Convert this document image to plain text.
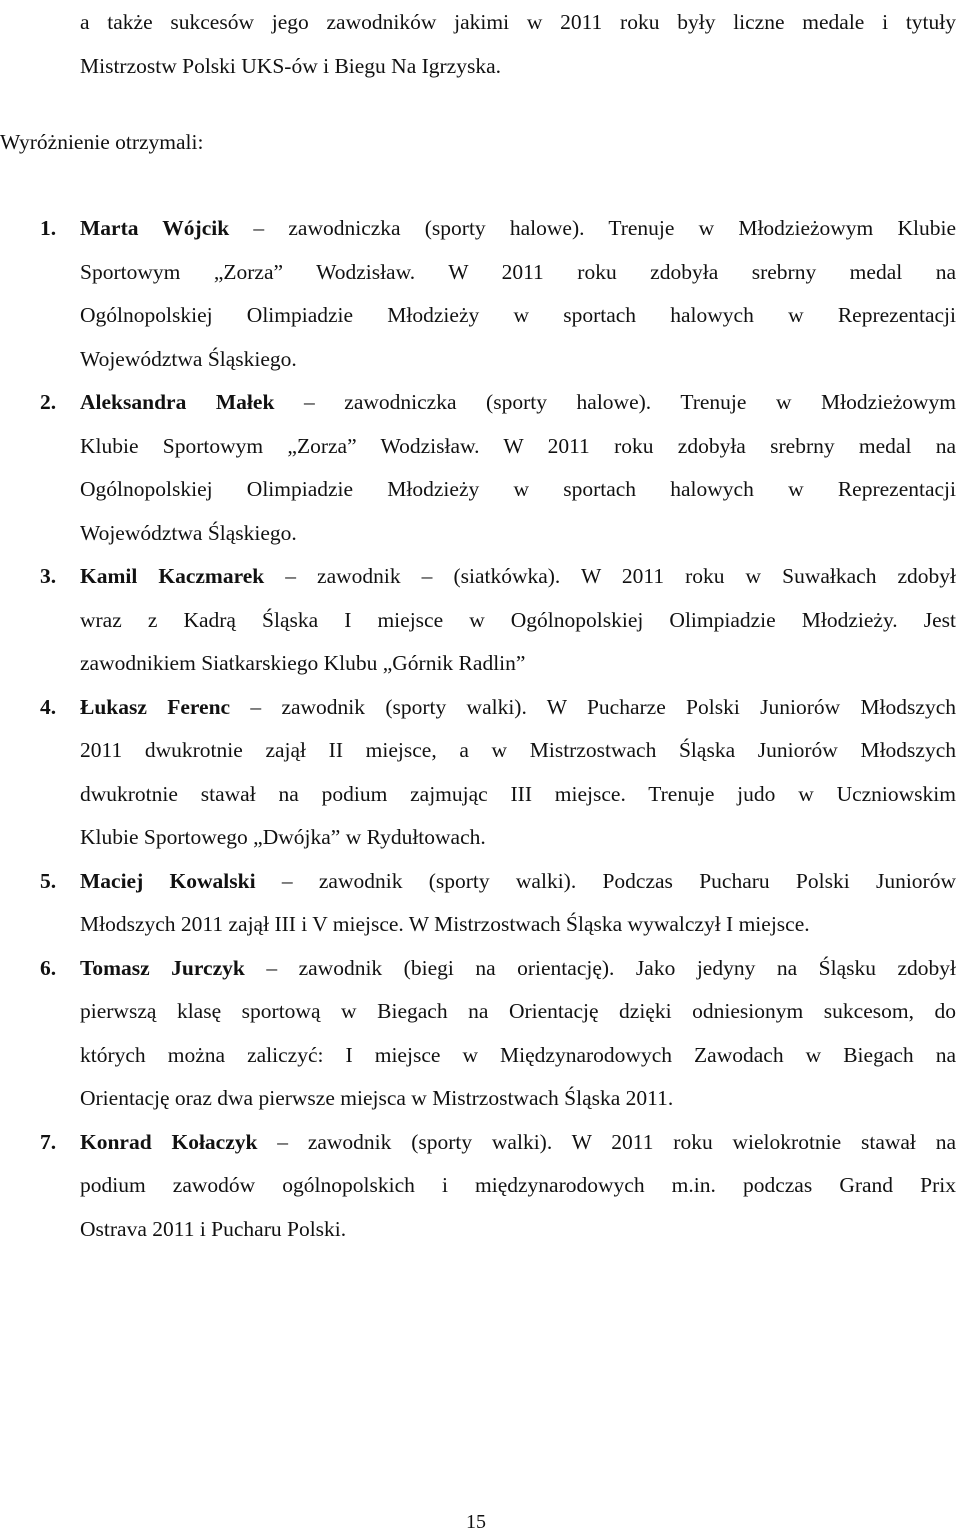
a także sukcesów jego zawodników jakimi w 2011 roku były liczne medale i tytuły
Mistrzostw Polski UKS-ów i Biegu Na Igrzyska.
Wyróżnienie otrzymali:
1. Marta Wójcik – zawodniczka (sporty halowe). Trenuje w Młodzieżowym Klubie
Sportowym „Zorza” Wodzisław. W 2011 roku zdobyła srebrny medal na
Ogólnopolskiej Olimpiadzie Młodzieży w sportach halowych w Reprezentacji
Województwa Śląskiego.
2. Aleksandra Małek – zawodniczka (sporty halowe). Trenuje w Młodzieżowym
Klubie Sportowym „Zorza” Wodzisław. W 2011 roku zdobyła srebrny medal na
Ogólnopolskiej Olimpiadzie Młodzieży w sportach halowych w Reprezentacji
Województwa Śląskiego.
3. Kamil Kaczmarek – zawodnik – (siatkówka). W 2011 roku w Suwałkach zdobył
wraz z Kadrą Śląska I miejsce w Ogólnopolskiej Olimpiadzie Młodzieży. Jest
zawodnikiem Siatkarskiego Klubu „Górnik Radlin”
4. Łukasz Ferenc – zawodnik (sporty walki). W Pucharze Polski Juniorów Młodszych
2011 dwukrotnie zajął II miejsce, a w Mistrzostwach Śląska Juniorów Młodszych
dwukrotnie stawał na podium zajmując III miejsce. Trenuje judo w Uczniowskim
Klubie Sportowego „Dwójka” w Rydułtowach.
5. Maciej Kowalski – zawodnik (sporty walki). Podczas Pucharu Polski Juniorów
Młodszych 2011 zajął III i V miejsce. W Mistrzostwach Śląska wywalczył I miejsce.
6. Tomasz Jurczyk – zawodnik (biegi na orientację). Jako jedyny na Śląsku zdobył
pierwszą klasę sportową w Biegach na Orientację dzięki odniesionym sukcesom, do
których można zaliczyć: I miejsce w Międzynarodowych Zawodach w Biegach na
Orientację oraz dwa pierwsze miejsca w Mistrzostwach Śląska 2011.
7. Konrad Kołaczyk – zawodnik (sporty walki). W 2011 roku wielokrotnie stawał na
podium zawodów ogólnopolskich i międzynarodowych m.in. podczas Grand Prix
Ostrava 2011 i Pucharu Polski.
15
